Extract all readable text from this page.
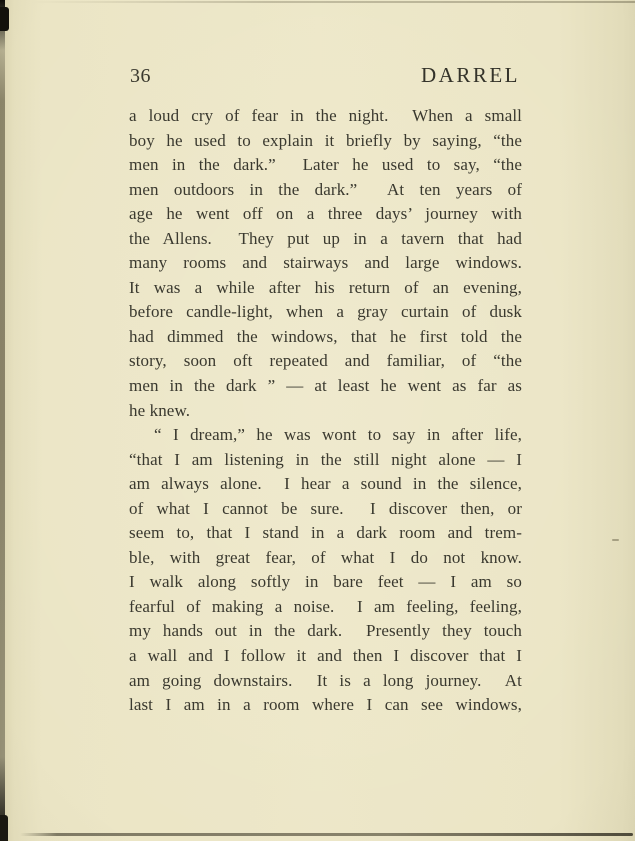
36	DARREL
a loud cry of fear in the night.  When a small
boy he used to explain it briefly by saying, “the
men in the dark.”  Later he used to say, “the
men outdoors in the dark.”  At ten years of
age he went off on a three days’ journey with
the Allens.  They put up in a tavern that had
many rooms and stairways and large windows.
It was a while after his return of an evening,
before candle-light, when a gray curtain of dusk
had dimmed the windows, that he first told the
story, soon oft repeated and familiar, of “the
men in the dark ” — at least he went as far as
he knew.
“ I dream,” he was wont to say in after life,
“that I am listening in the still night alone — I
am always alone.  I hear a sound in the silence,
of what I cannot be sure.  I discover then, or
seem to, that I stand in a dark room and trem-
ble, with great fear, of what I do not know.
I walk along softly in bare feet — I am so
fearful of making a noise.  I am feeling, feeling,
my hands out in the dark.  Presently they touch
a wall and I follow it and then I discover that I
am going downstairs.  It is a long journey.  At
last I am in a room where I can see windows,
